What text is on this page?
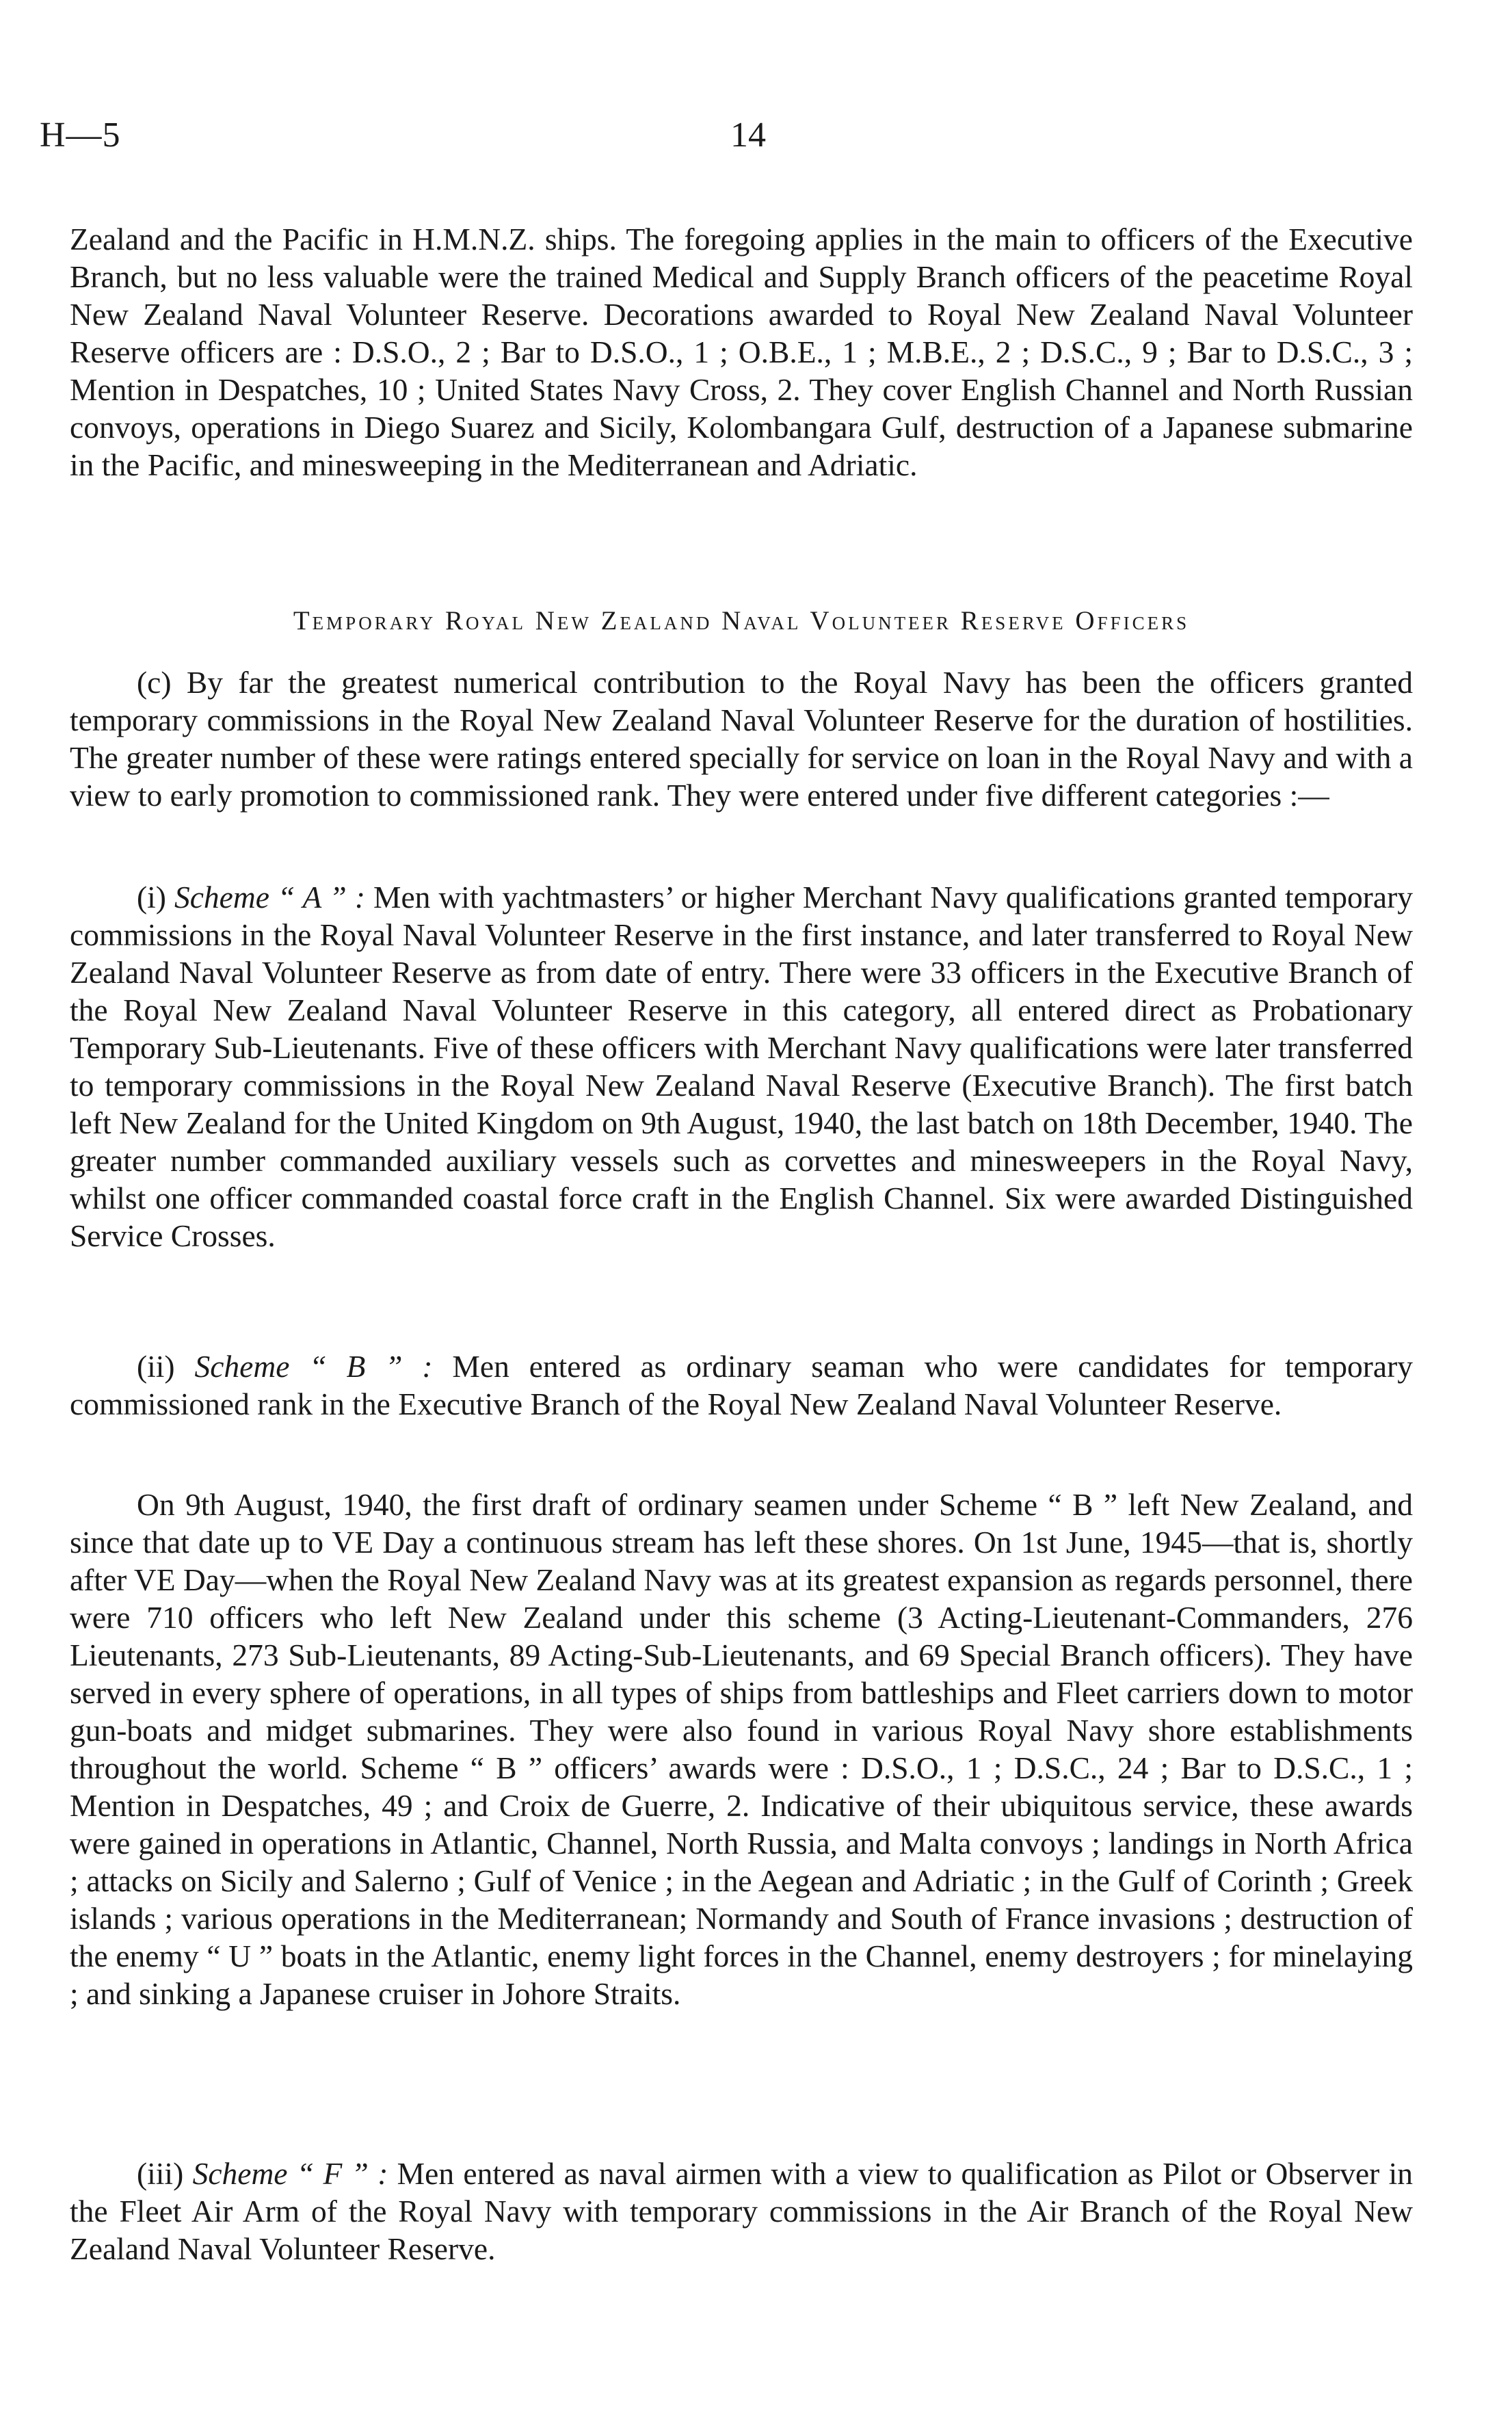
H—5	14

Zealand and the Pacific in H.M.N.Z. ships. The foregoing applies in the main to officers of the Executive Branch, but no less valuable were the trained Medical and Supply Branch officers of the peacetime Royal New Zealand Naval Volunteer Reserve. Decorations awarded to Royal New Zealand Naval Volunteer Reserve officers are : D.S.O., 2 ; Bar to D.S.O., 1 ; O.B.E., 1 ; M.B.E., 2 ; D.S.C., 9 ; Bar to D.S.C., 3 ; Mention in Despatches, 10 ; United States Navy Cross, 2. They cover English Channel and North Russian convoys, operations in Diego Suarez and Sicily, Kolombangara Gulf, destruction of a Japanese submarine in the Pacific, and minesweeping in the Mediterranean and Adriatic.

Temporary Royal New Zealand Naval Volunteer Reserve Officers

(c) By far the greatest numerical contribution to the Royal Navy has been the officers granted temporary commissions in the Royal New Zealand Naval Volunteer Reserve for the duration of hostilities. The greater number of these were ratings entered specially for service on loan in the Royal Navy and with a view to early promotion to commissioned rank. They were entered under five different categories :—

(i) Scheme “ A ” : Men with yachtmasters’ or higher Merchant Navy qualifications granted temporary commissions in the Royal Naval Volunteer Reserve in the first instance, and later transferred to Royal New Zealand Naval Volunteer Reserve as from date of entry. There were 33 officers in the Executive Branch of the Royal New Zealand Naval Volunteer Reserve in this category, all entered direct as Probationary Temporary Sub-Lieutenants. Five of these officers with Merchant Navy qualifications were later transferred to temporary commissions in the Royal New Zealand Naval Reserve (Executive Branch). The first batch left New Zealand for the United Kingdom on 9th August, 1940, the last batch on 18th December, 1940. The greater number commanded auxiliary vessels such as corvettes and minesweepers in the Royal Navy, whilst one officer commanded coastal force craft in the English Channel. Six were awarded Distinguished Service Crosses.

(ii) Scheme “ B ” : Men entered as ordinary seaman who were candidates for temporary commissioned rank in the Executive Branch of the Royal New Zealand Naval Volunteer Reserve.

On 9th August, 1940, the first draft of ordinary seamen under Scheme “ B ” left New Zealand, and since that date up to VE Day a continuous stream has left these shores. On 1st June, 1945—that is, shortly after VE Day—when the Royal New Zealand Navy was at its greatest expansion as regards personnel, there were 710 officers who left New Zealand under this scheme (3 Acting-Lieutenant-Commanders, 276 Lieutenants, 273 Sub-Lieutenants, 89 Acting-Sub-Lieutenants, and 69 Special Branch officers). They have served in every sphere of operations, in all types of ships from battleships and Fleet carriers down to motor gun-boats and midget submarines. They were also found in various Royal Navy shore establishments throughout the world. Scheme “ B ” officers’ awards were : D.S.O., 1 ; D.S.C., 24 ; Bar to D.S.C., 1 ; Mention in Despatches, 49 ; and Croix de Guerre, 2. Indicative of their ubiquitous service, these awards were gained in operations in Atlantic, Channel, North Russia, and Malta convoys ; landings in North Africa ; attacks on Sicily and Salerno ; Gulf of Venice ; in the Aegean and Adriatic ; in the Gulf of Corinth ; Greek islands ; various operations in the Mediterranean; Normandy and South of France invasions ; destruction of the enemy “ U ” boats in the Atlantic, enemy light forces in the Channel, enemy destroyers ; for minelaying ; and sinking a Japanese cruiser in Johore Straits.

(iii) Scheme “ F ” : Men entered as naval airmen with a view to qualification as Pilot or Observer in the Fleet Air Arm of the Royal Navy with temporary commissions in the Air Branch of the Royal New Zealand Naval Volunteer Reserve.
